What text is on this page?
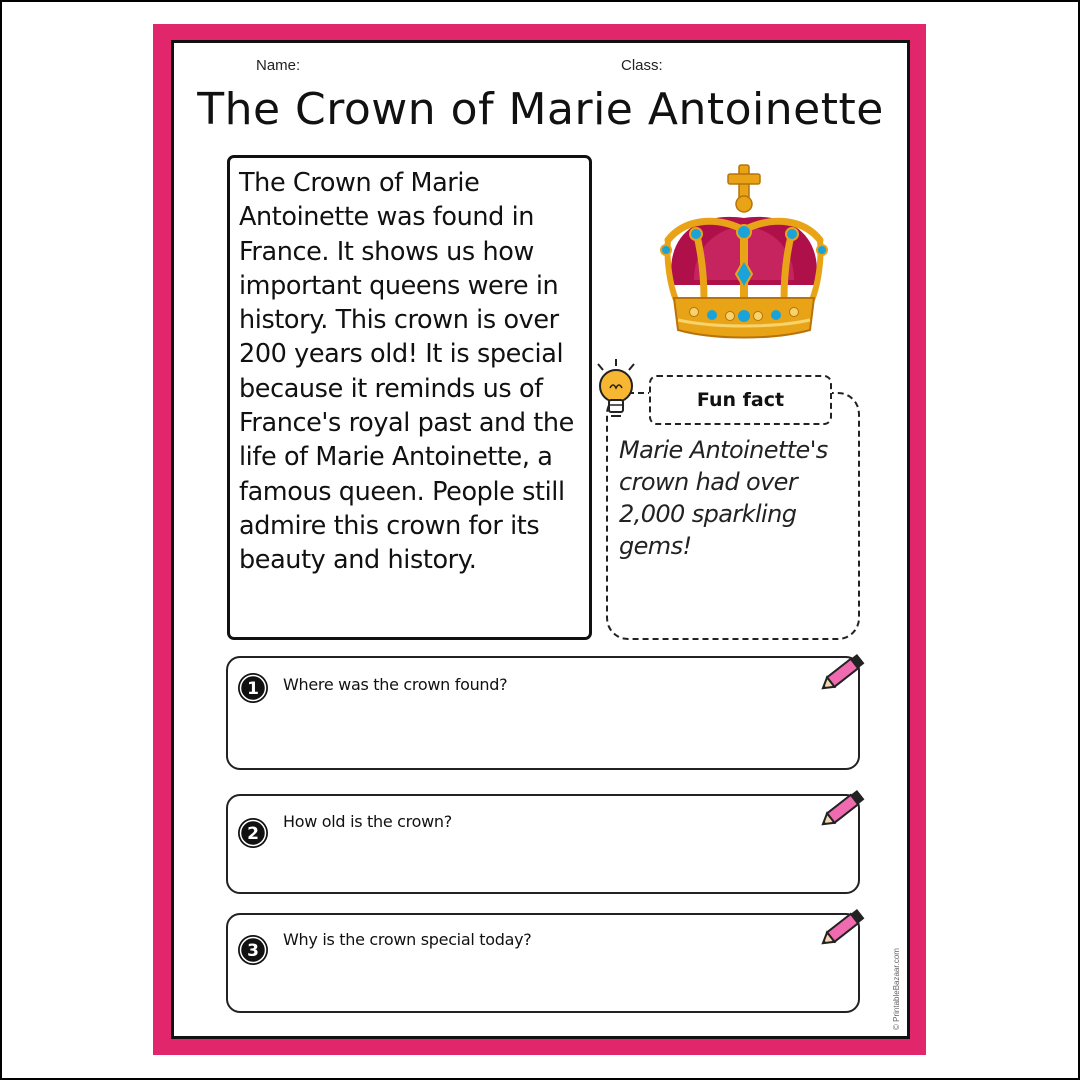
Name:	Class:
The Crown of Marie Antoinette

The Crown of Marie Antoinette was found in France. It shows us how important queens were in history. This crown is over 200 years old! It is special because it reminds us of France's royal past and the life of Marie Antoinette, a famous queen. People still admire this crown for its beauty and history.

Fun fact
Marie Antoinette's crown had over 2,000 sparkling gems!
1 Where was the crown found?
2
How old is the crown?
3
Why is the crown special today?
© PrintableBazaar.com
